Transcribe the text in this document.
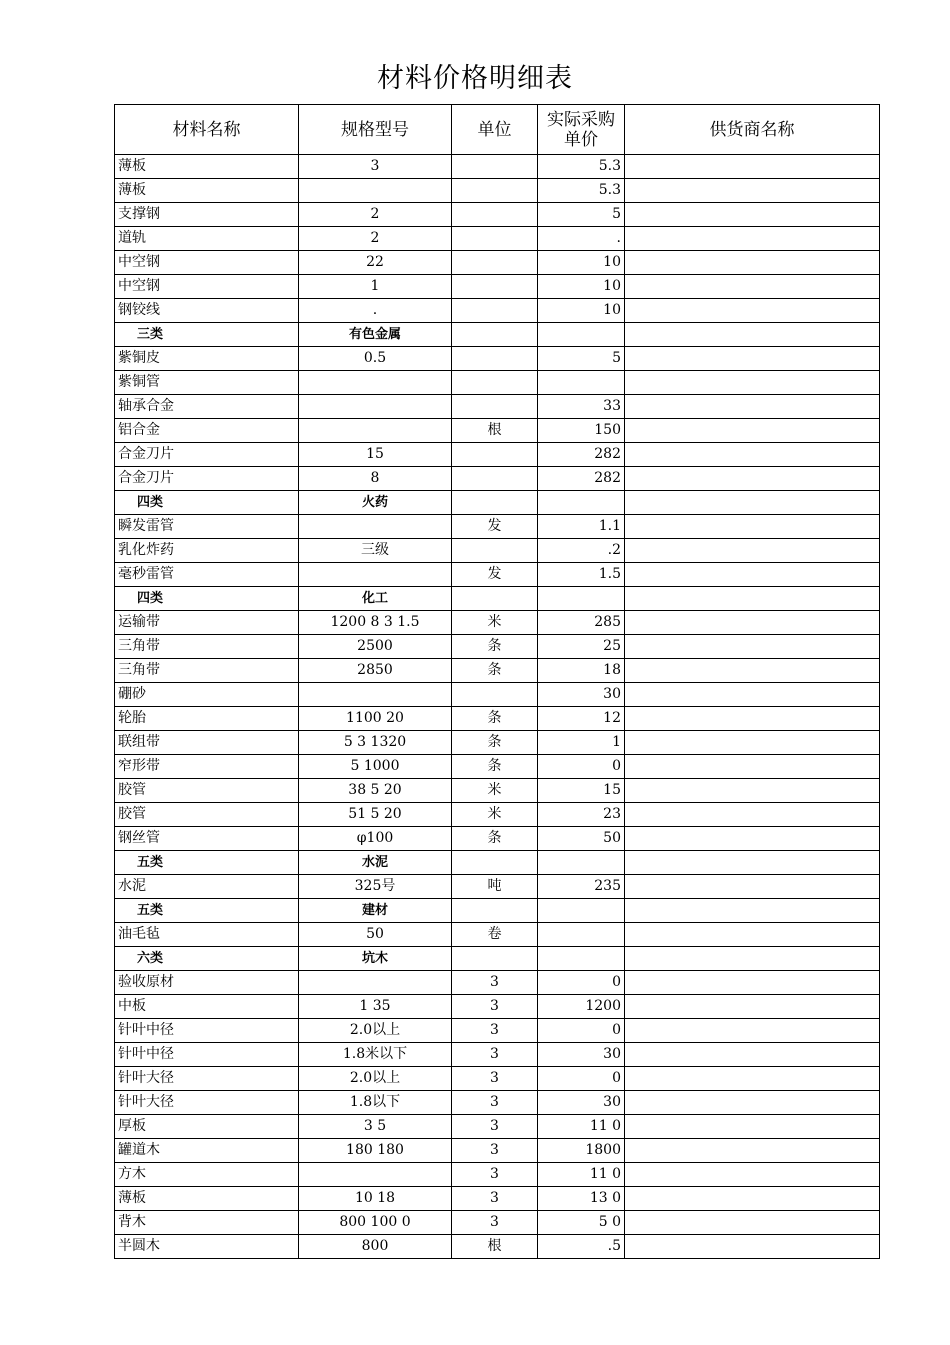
材料价格明细表
材料名称	规格型号	单位	实际采购单价	供货商名称
薄板	3		5.3	
薄板			5.3	
支撑钢	2		5	
道轨	2		.	
中空钢	22		10	
中空钢	1		10	
钢铰线	.		10	
三类	有色金属			
紫铜皮	0.5		5	
紫铜管				
轴承合金			33	
铝合金		根	150	
合金刀片	15		282	
合金刀片	8		282	
四类	火药			
瞬发雷管		发	1.1	
乳化炸药	三级		.2	
毫秒雷管		发	1.5	
四类	化工			
运输带	1200 8 3 1.5	米	285	
三角带	2500	条	25	
三角带	2850	条	18	
硼砂			30	
轮胎	1100 20	条	12	
联组带	5 3 1320	条	1	
窄形带	5 1000	条	0	
胶管	38 5 20	米	15	
胶管	51 5 20	米	23	
钢丝管	φ100	条	50	
五类	水泥			
水泥	325号	吨	235	
五类	建材			
油毛毡	50	卷		
六类	坑木			
验收原材		3	0	
中板	1 35	3	1200	
针叶中径	2.0以上	3	0	
针叶中径	1.8米以下	3	30	
针叶大径	2.0以上	3	0	
针叶大径	1.8以下	3	30	
厚板	3 5	3	11 0	
罐道木	180 180	3	1800	
方木		3	11 0	
薄板	10 18	3	13 0	
背木	800 100 0	3	5 0	
半圆木	800	根	.5	
